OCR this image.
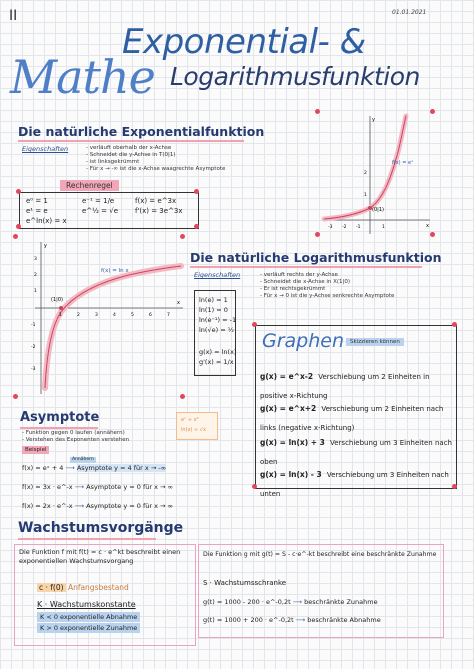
II	01.01.2021
Mathe
Exponential- &
Logarithmusfunktion
Die natürliche Exponentialfunktion
Eigenschaften	- verläuft oberhalb der x-Achse
- Schneidet die y-Achse in T(0|1)
- ist linksgekrümmt
- Für x → -∞ ist die x-Achse waagrechte Asymptote
Rechenregel
e⁰ = 1	e⁻¹ = 1/e	f(x) = e^3x
e¹ = e	e^½ = √e f'(x) = 3e^3x
e^ln(x) = x
(0|1)
f(x) = eˣ
x
y
-3 -2 -1	1
1
2
(1|0)
f(x) = ln x
x
y
1	2	3	4	5	6	7
3
2
1
-1
-2
-3
Die natürliche Logarithmusfunktion
Eigenschaften	- verläuft rechts der y-Achse
- Schneidet die x-Achse in X(1|0)
- Er ist rechtsgekrümmt
- Für x → 0 ist die y-Achse senkrechte Asymptote
ln(e) = 1
ln(1) = 0
ln(e⁻¹) = -1
ln(√e) = ½
g(x) = ln(x)
g'(x) = 1/x
Graphen	Skizzieren können
g(x) = e^x-2 Verschiebung um 2 Einheiten in positive x-Richtung
g(x) = e^x+2 Verschiebung um 2 Einheiten nach links (negative x-Richtung)
g(x) = ln(x) + 3 Verschiebung um 3 Einheiten nach oben
g(x) = ln(x) - 3 Verschiebung um 3 Einheiten nach unten
Asymptote
- Funktion gegen 0 laufen (annähern)
- Verstehen des Exponenten verstehen
Beispiel
Annähern
f(x) = eˣ + 4 ⟶ Asymptote y = 4 für x → -∞
f(x) = 3x · e^-x ⟶ Asymptote y = 0 für x → ∞
f(x) = 2x · e^-x ⟶ Asymptote y = 0 für x → ∞
eˣ ≈ x³
ln(x) ≈ √x
Wachstumsvorgänge
Die Funktion f mit f(t) = c · e^kt beschreibt einen exponentiellen Wachstumsvorgang
c · f(0) Anfangsbestand
K · Wachstumskonstante
K < 0 exponentielle Abnahme
K > 0 exponentielle Zunahme
Die Funktion g mit g(t) = S - c·e^-kt beschreibt eine beschränkte Zunahme
S · Wachstumsschranke
g(t) = 1000 - 200 · e^-0,2t ⟶ beschränkte Zunahme
g(t) = 1000 + 200 · e^-0,2t ⟶ beschränkte Abnahme
